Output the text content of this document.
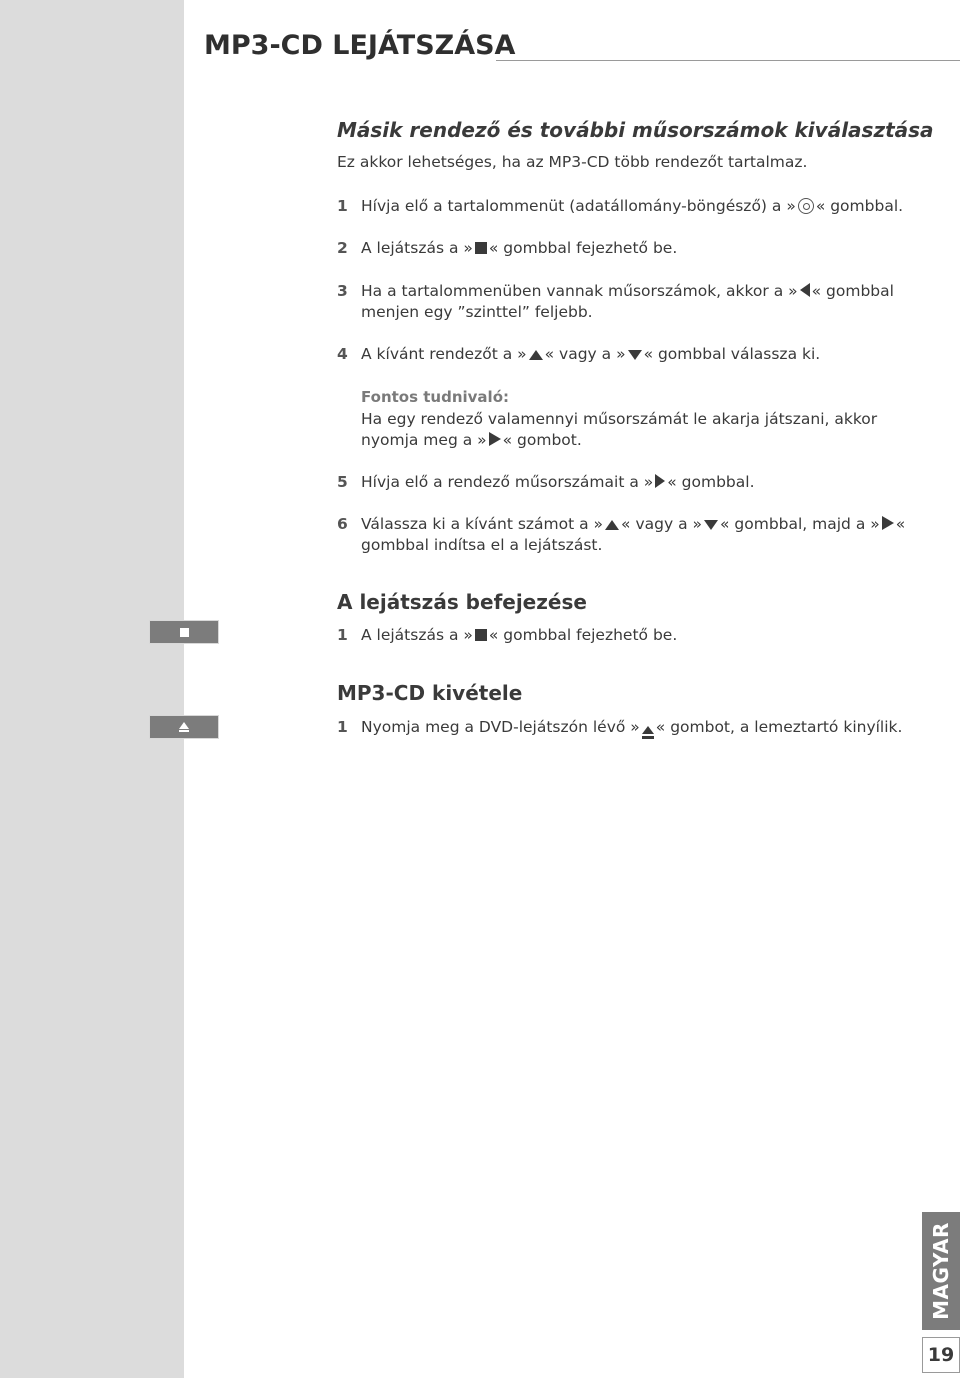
MP3-CD LEJÁTSZÁSA
Másik rendező és további műsorszámok kiválasztása
Ez akkor lehetséges, ha az MP3-CD több rendezőt tartalmaz.
1 Hívja elő a tartalommenüt (adatállomány-böngésző) a » « gombbal.
2 A lejátszás a » « gombbal fejezhető be.
3 Ha a tartalommenüben vannak műsorszámok, akkor a » « gombbal menjen egy ”szinttel” feljebb.
4 A kívánt rendezőt a » « vagy a » « gombbal válassza ki.
Fontos tudnivaló:
Ha egy rendező valamennyi műsorszámát le akarja játszani, akkor nyomja meg a » « gombot.
5 Hívja elő a rendező műsorszámait a » « gombbal.
6 Válassza ki a kívánt számot a » « vagy a » « gombbal, majd a » « gombbal indítsa el a lejátszást.
A lejátszás befejezése
1 A lejátszás a » « gombbal fejezhető be.
MP3-CD kivétele
1 Nyomja meg a DVD-lejátszón lévő » « gombot, a lemeztartó kinyílik.
MAGYAR
19
